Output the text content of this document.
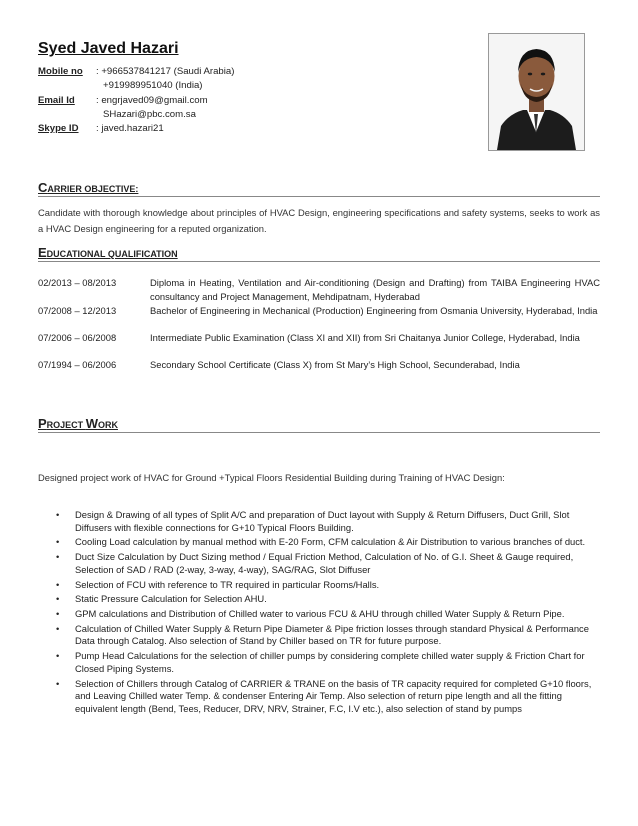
Syed Javed Hazari
Mobile no	: +966537841217 (Saudi Arabia)
+919989951040 (India)
Email Id	: engrjaved09@gmail.com
SHazari@pbc.com.sa
Skype ID	: javed.hazari21
CARRIER OBJECTIVE:
Candidate with thorough knowledge about principles of HVAC Design, engineering specifications and safety systems, seeks to work as a HVAC Design engineering for a reputed organization.
EDUCATIONAL QUALIFICATION
02/2013 – 08/2013	Diploma in Heating, Ventilation and Air-conditioning (Design and Drafting) from TAIBA Engineering HVAC consultancy and Project Management, Mehdipatnam, Hyderabad
07/2008 – 12/2013	Bachelor of Engineering in Mechanical (Production) Engineering from Osmania University, Hyderabad, India
07/2006 – 06/2008	Intermediate Public Examination (Class XI and XII) from Sri Chaitanya Junior College, Hyderabad, India
07/1994 – 06/2006	Secondary School Certificate (Class X) from St Mary’s High School, Secunderabad, India
PROJECT WORK
Designed project work of HVAC for Ground +Typical Floors Residential Building during Training of HVAC Design:
• Design & Drawing of all types of Split A/C and preparation of Duct layout with Supply & Return Diffusers, Duct Grill, Slot Diffusers with flexible connections for G+10 Typical Floors Building.
• Cooling Load calculation by manual method with E-20 Form, CFM calculation & Air Distribution to various branches of duct.
• Duct Size Calculation by Duct Sizing method / Equal Friction Method, Calculation of No. of G.I. Sheet & Gauge required, Selection of SAD / RAD (2-way, 3-way, 4-way), SAG/RAG, Slot Diffuser
• Selection of FCU with reference to TR required in particular Rooms/Halls.
• Static Pressure Calculation for Selection AHU.
• GPM calculations and Distribution of Chilled water to various FCU & AHU through chilled Water Supply & Return Pipe.
• Calculation of Chilled Water Supply & Return Pipe Diameter & Pipe friction losses through standard Physical & Performance Data through Catalog. Also selection of Stand by Chiller based on TR for future purpose.
• Pump Head Calculations for the selection of chiller pumps by considering complete chilled water supply & Friction Chart for Closed Piping Systems.
• Selection of Chillers through Catalog of CARRIER & TRANE on the basis of TR capacity required for completed G+10 floors, and Leaving Chilled water Temp. & condenser Entering Air Temp. Also selection of return pipe length and all the fitting equivalent length (Bend, Tees, Reducer, DRV, NRV, Strainer, F.C, I.V etc.), also selection of stand by pumps
